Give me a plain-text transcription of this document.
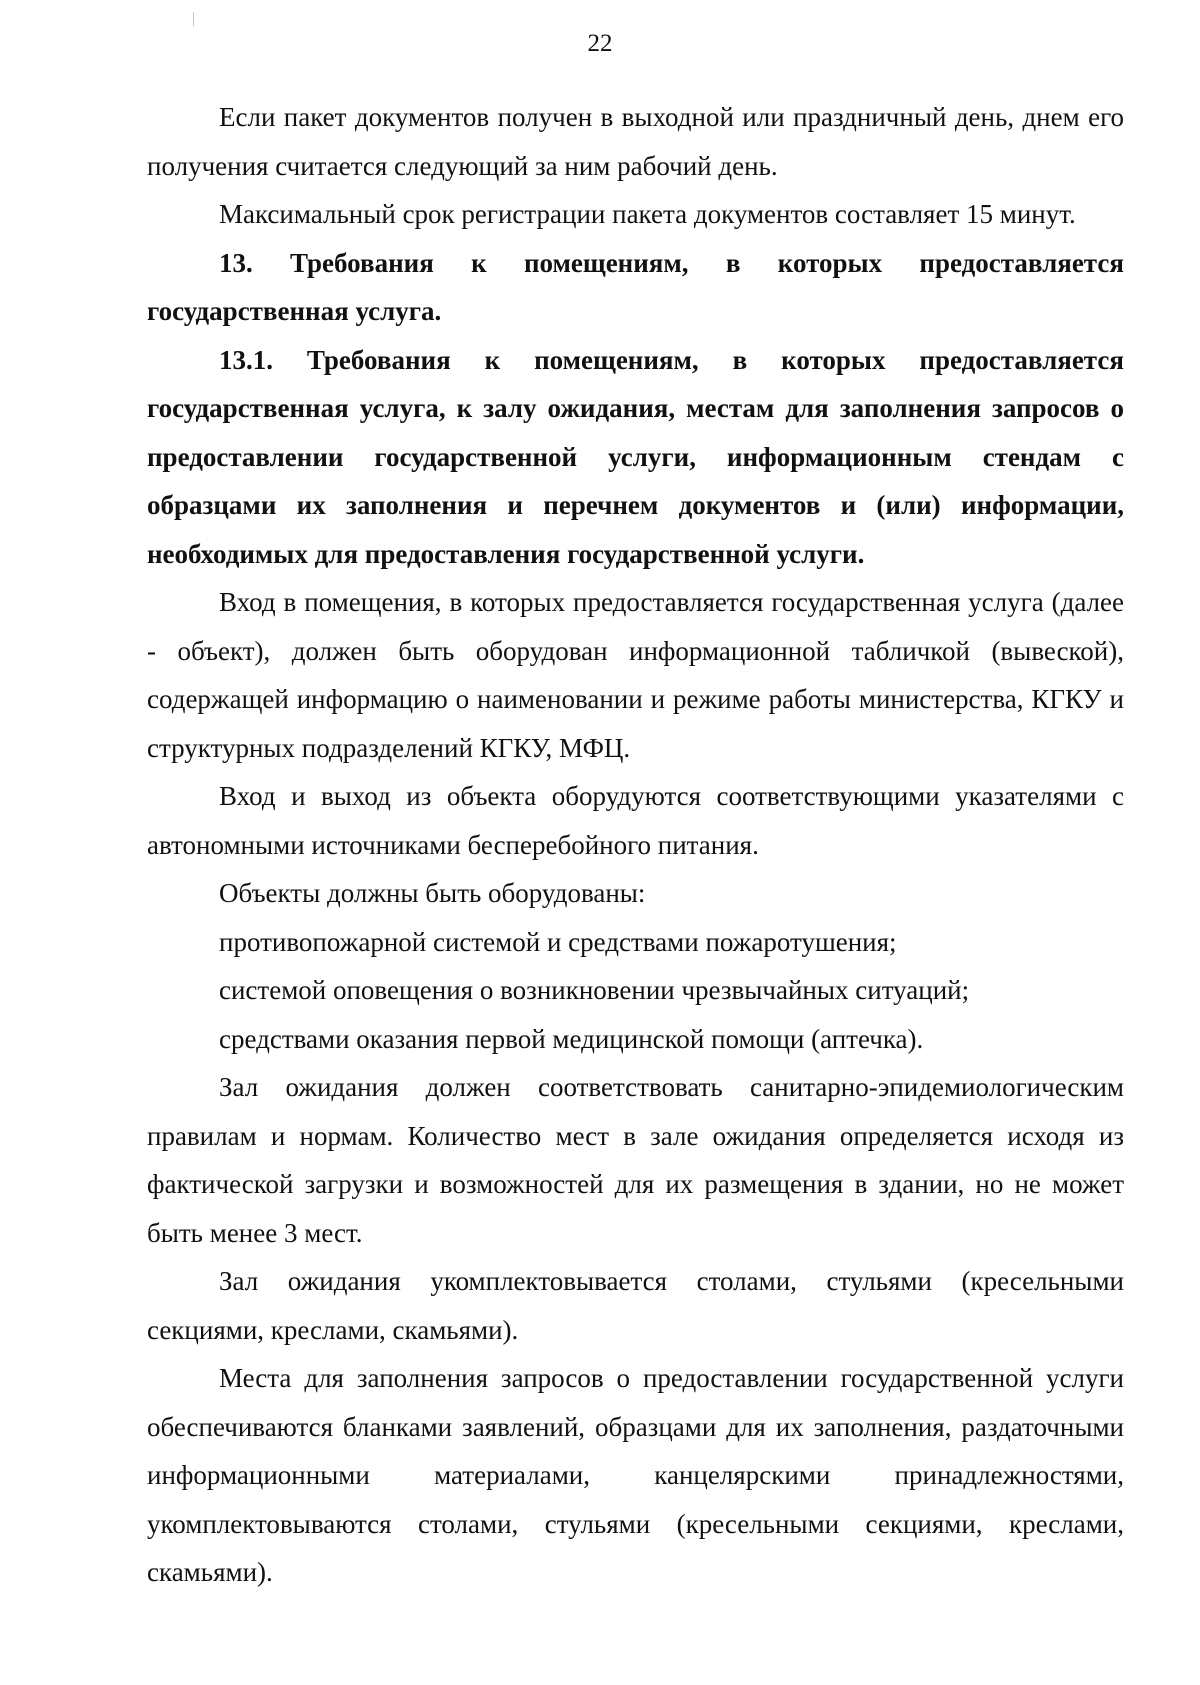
22

Если пакет документов получен в выходной или праздничный день, днем его получения считается следующий за ним рабочий день.

Максимальный срок регистрации пакета документов составляет 15 минут.

13. Требования к помещениям, в которых предоставляется государственная услуга.

13.1. Требования к помещениям, в которых предоставляется государственная услуга, к залу ожидания, местам для заполнения запросов о предоставлении государственной услуги, информационным стендам с образцами их заполнения и перечнем документов и (или) информации, необходимых для предоставления государственной услуги.

Вход в помещения, в которых предоставляется государственная услуга (далее - объект), должен быть оборудован информационной табличкой (вывеской), содержащей информацию о наименовании и режиме работы министерства, КГКУ и структурных подразделений КГКУ, МФЦ.

Вход и выход из объекта оборудуются соответствующими указателями с автономными источниками бесперебойного питания.

Объекты должны быть оборудованы:

противопожарной системой и средствами пожаротушения;

системой оповещения о возникновении чрезвычайных ситуаций;

средствами оказания первой медицинской помощи (аптечка).

Зал ожидания должен соответствовать санитарно-эпидемиологическим правилам и нормам. Количество мест в зале ожидания определяется исходя из фактической загрузки и возможностей для их размещения в здании, но не может быть менее 3 мест.

Зал ожидания укомплектовывается столами, стульями (кресельными секциями, креслами, скамьями).

Места для заполнения запросов о предоставлении государственной услуги обеспечиваются бланками заявлений, образцами для их заполнения, раздаточными информационными материалами, канцелярскими принадлежностями, укомплектовываются столами, стульями (кресельными секциями, креслами, скамьями).
